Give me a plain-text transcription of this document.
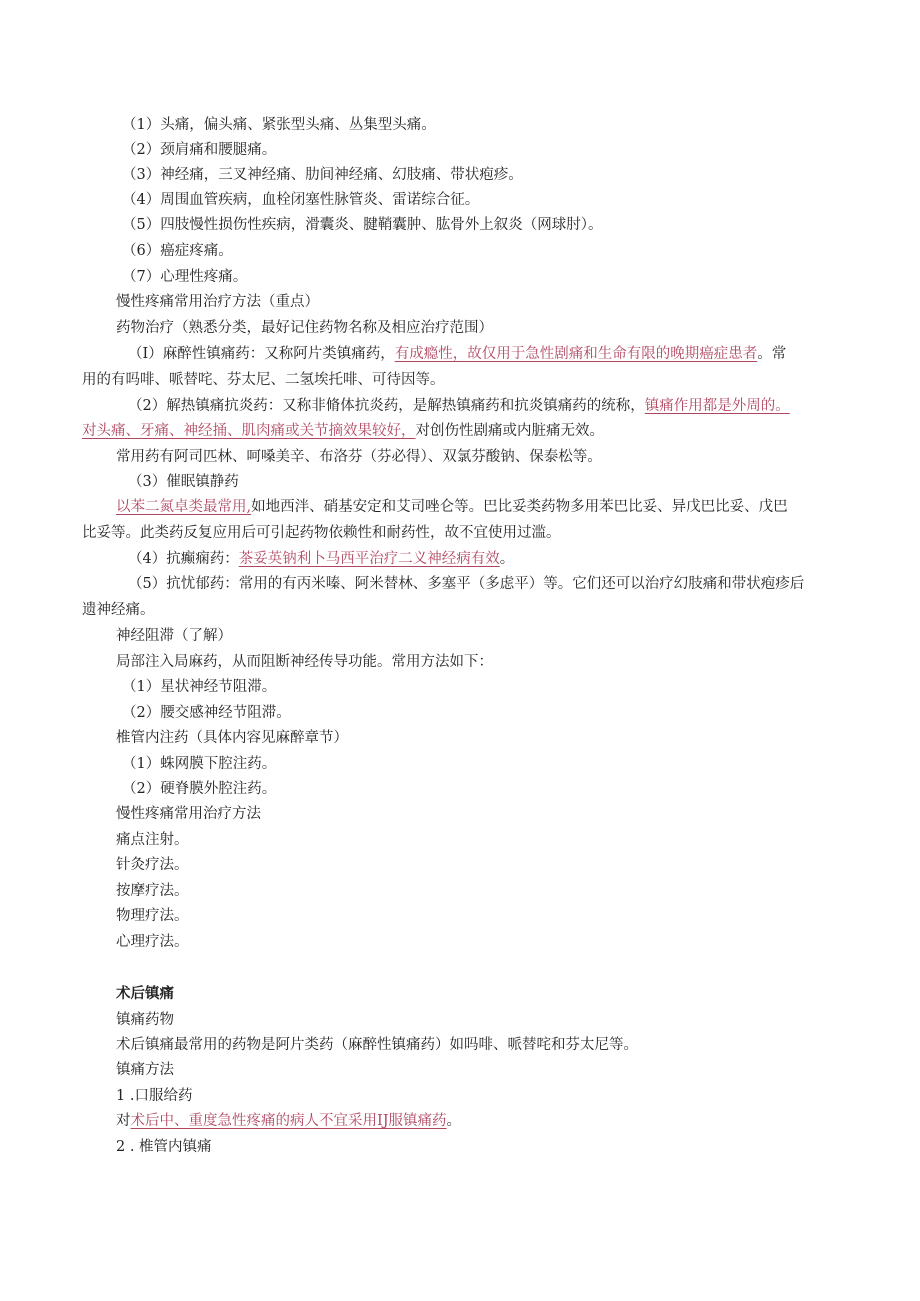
（1）头痛，偏头痛、紧张型头痛、丛集型头痛。
（2）颈肩痛和腰腿痛。
（3）神经痛，三叉神经痛、肋间神经痛、幻肢痛、带状疱疹。
（4）周围血管疾病，血栓闭塞性脉管炎、雷诺综合征。
（5）四肢慢性损伤性疾病，滑囊炎、腱鞘囊肿、肱骨外上叙炎（网球肘）。
（6）癌症疼痛。
（7）心理性疼痛。
慢性疼痛常用治疗方法（重点）
药物治疗（熟悉分类，最好记住药物名称及相应治疗范围）
（I）麻醉性镇痛药：又称阿片类镇痛药，有成瘾性，故仅用于急性剧痛和生命有限的晚期癌症患者。常
用的有吗啡、哌替咤、芬太尼、二氢埃托啡、可待因等。
（2）解热镇痛抗炎药：又称非脩体抗炎药，是解热镇痛药和抗炎镇痛药的统称，镇痛作用都是外周的。
对头痛、牙痛、神经捅、肌肉痛或关节摘效果较好，对创伤性剧痛或内脏痛无效。
常用药有阿司匹林、呵嗓美辛、布洛芬（芬必得）、双氯芬酸钠、保泰松等。
（3）催眠镇静药
以苯二氮卓类最常用,如地西泮、硝基安定和艾司唑仑等。巴比妥类药物多用苯巴比妥、异戊巴比妥、戊巴
比妥等。此类药反复应用后可引起药物依赖性和耐药性，故不宜使用过滥。
（4）抗癫痫药：茶妥英钠利卜马西平治疗二义神经病有效。
（5）抗忧郁药：常用的有丙米嗪、阿米替林、多塞平（多虑平）等。它们还可以治疗幻肢痛和带状疱疹后
遗神经痛。
神经阻滞（了解）
局部注入局麻药，从而阻断神经传导功能。常用方法如下：
（1）星状神经节阻滞。
（2）腰交感神经节阻滞。
椎管内注药（具体内容见麻醉章节）
（1）蛛网膜下腔注药。
（2）硬脊膜外腔注药。
慢性疼痛常用治疗方法
痛点注射。
针灸疗法。
按摩疗法。
物理疗法。
心理疗法。
术后镇痛
镇痛药物
术后镇痛最常用的药物是阿片类药（麻醉性镇痛药）如吗啡、哌替咤和芬太尼等。
镇痛方法
1 .口服给药
对术后中、重度急性疼痛的病人不宜采用IJ服镇痛药。
2 . 椎管内镇痛
